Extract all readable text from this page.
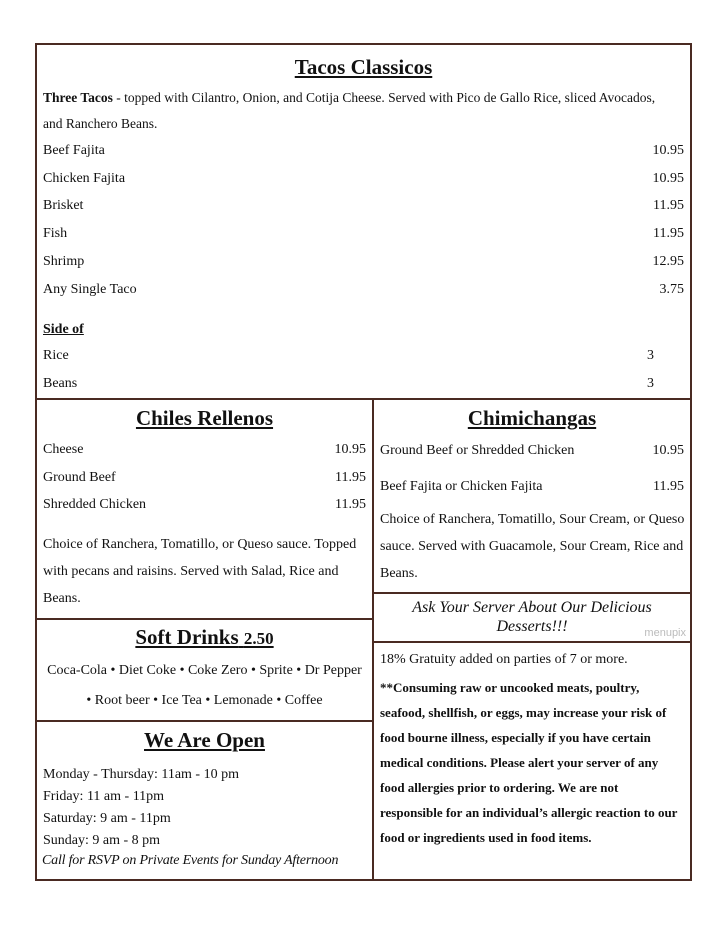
Tacos Classicos
Three Tacos - topped with Cilantro, Onion, and Cotija Cheese. Served with Pico de Gallo Rice, sliced Avocados, and Ranchero Beans.
Beef Fajita	10.95
Chicken Fajita	10.95
Brisket	11.95
Fish	11.95
Shrimp	12.95
Any Single Taco	3.75
Side of
Rice	3
Beans	3
Chiles Rellenos
Cheese	10.95
Ground Beef	11.95
Shredded Chicken	11.95
Choice of Ranchera, Tomatillo, or Queso sauce. Topped with pecans and raisins. Served with Salad, Rice and Beans.
Chimichangas
Ground Beef or Shredded Chicken	10.95
Beef Fajita or Chicken Fajita	11.95
Choice of Ranchera, Tomatillo, Sour Cream, or Queso sauce. Served with Guacamole, Sour Cream, Rice and Beans.
Ask Your Server About Our Delicious Desserts!!!
18% Gratuity added on parties of 7 or more.
**Consuming raw or uncooked meats, poultry, seafood, shellfish, or eggs, may increase your risk of food bourne illness, especially if you have certain medical conditions. Please alert your server of any food allergies prior to ordering. We are not responsible for an individual’s allergic reaction to our food or ingredients used in food items.
menupix
Soft Drinks 2.50
Coca-Cola • Diet Coke • Coke Zero • Sprite • Dr Pepper • Root beer • Ice Tea • Lemonade • Coffee
We Are Open
Monday - Thursday: 11am - 10 pm
Friday: 11 am - 11pm
Saturday: 9 am - 11pm
Sunday: 9 am - 8 pm
Call for RSVP on Private Events for Sunday Afternoon
